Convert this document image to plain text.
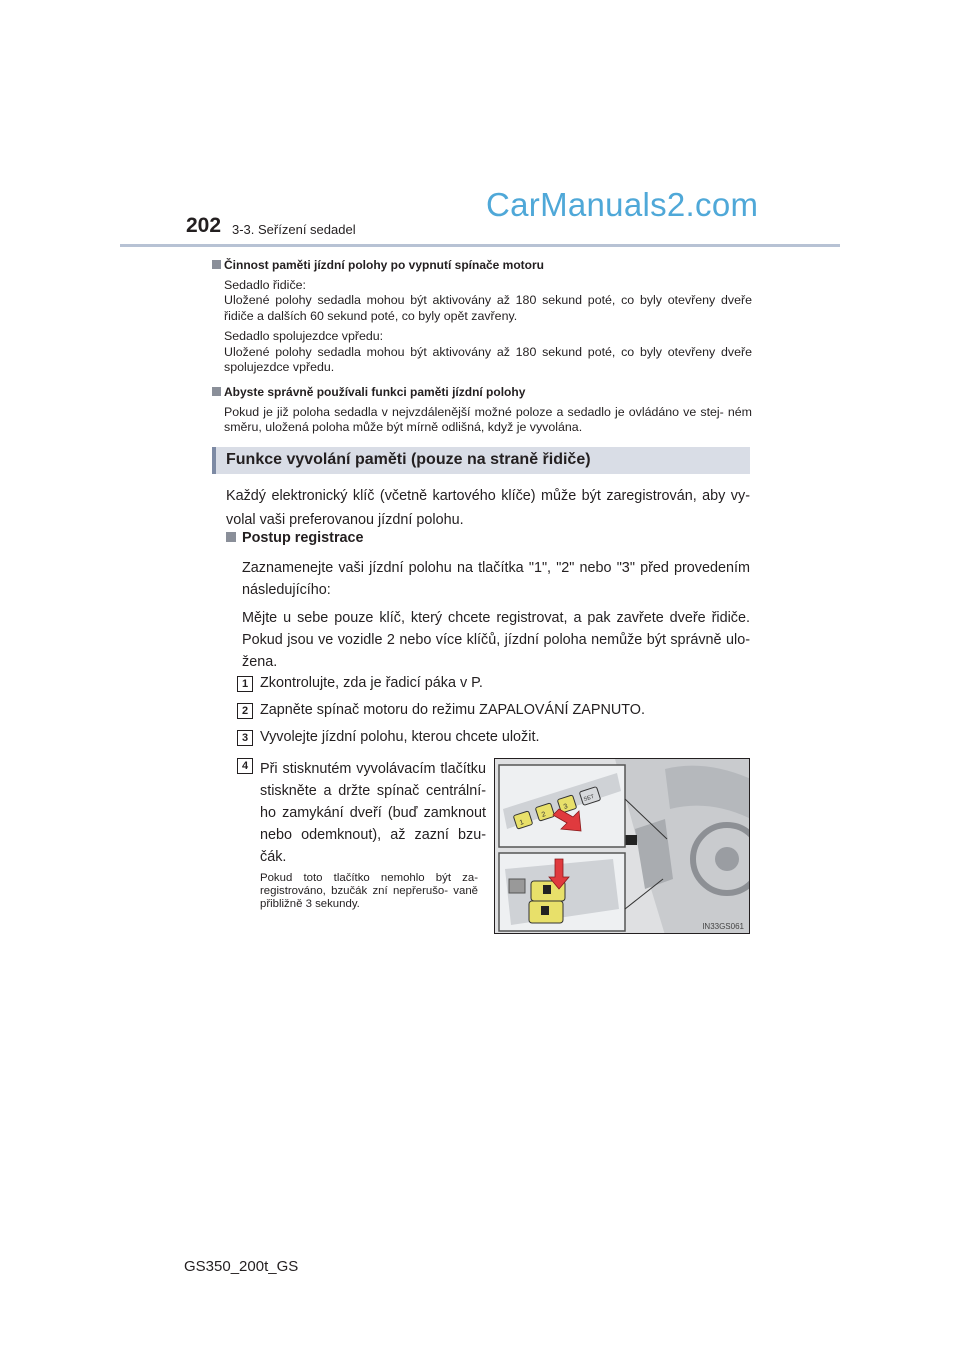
202 3-3. Seřízení sedadel
CarManuals2.com
Činnost paměti jízdní polohy po vypnutí spínače motoru

Sedadlo řidiče:
Uložené polohy sedadla mohou být aktivovány až 180 sekund poté, co byly otevřeny dveře řidiče a dalších 60 sekund poté, co byly opět zavřeny.

Sedadlo spolujezdce vpředu:
Uložené polohy sedadla mohou být aktivovány až 180 sekund poté, co byly otevřeny dveře spolujezdce vpředu.

Abyste správně používali funkci paměti jízdní polohy

Pokud je již poloha sedadla v nejvzdálenější možné poloze a sedadlo je ovládáno ve stej- ném směru, uložená poloha může být mírně odlišná, když je vyvolána.

Funkce vyvolání paměti (pouze na straně řidiče)
Každý elektronický klíč (včetně kartového klíče) může být zaregistrován, aby vy- volal vaši preferovanou jízdní polohu.
Postup registrace

Zaznamenejte vaši jízdní polohu na tlačítka "1", "2" nebo "3" před provedením následujícího:

Mějte u sebe pouze klíč, který chcete registrovat, a pak zavřete dveře řidiče. Pokud jsou ve vozidle 2 nebo více klíčů, jízdní poloha nemůže být správně ulo- žena.

1 Zkontrolujte, zda je řadicí páka v P.
2 Zapněte spínač motoru do režimu ZAPALOVÁNÍ ZAPNUTO.
3 Vyvolejte jízdní polohu, kterou chcete uložit.
4 Při stisknutém vyvolávacím tlačítku stiskněte a držte spínač centrální- ho zamykání dveří (buď zamknout nebo odemknout), až zazní bzu- čák.
Pokud toto tlačítko nemohlo být za- registrováno, bzučák zní nepřerušo- vaně přibližně 3 sekundy.
1
2
3
SET
IN33GS061
GS350_200t_GS
